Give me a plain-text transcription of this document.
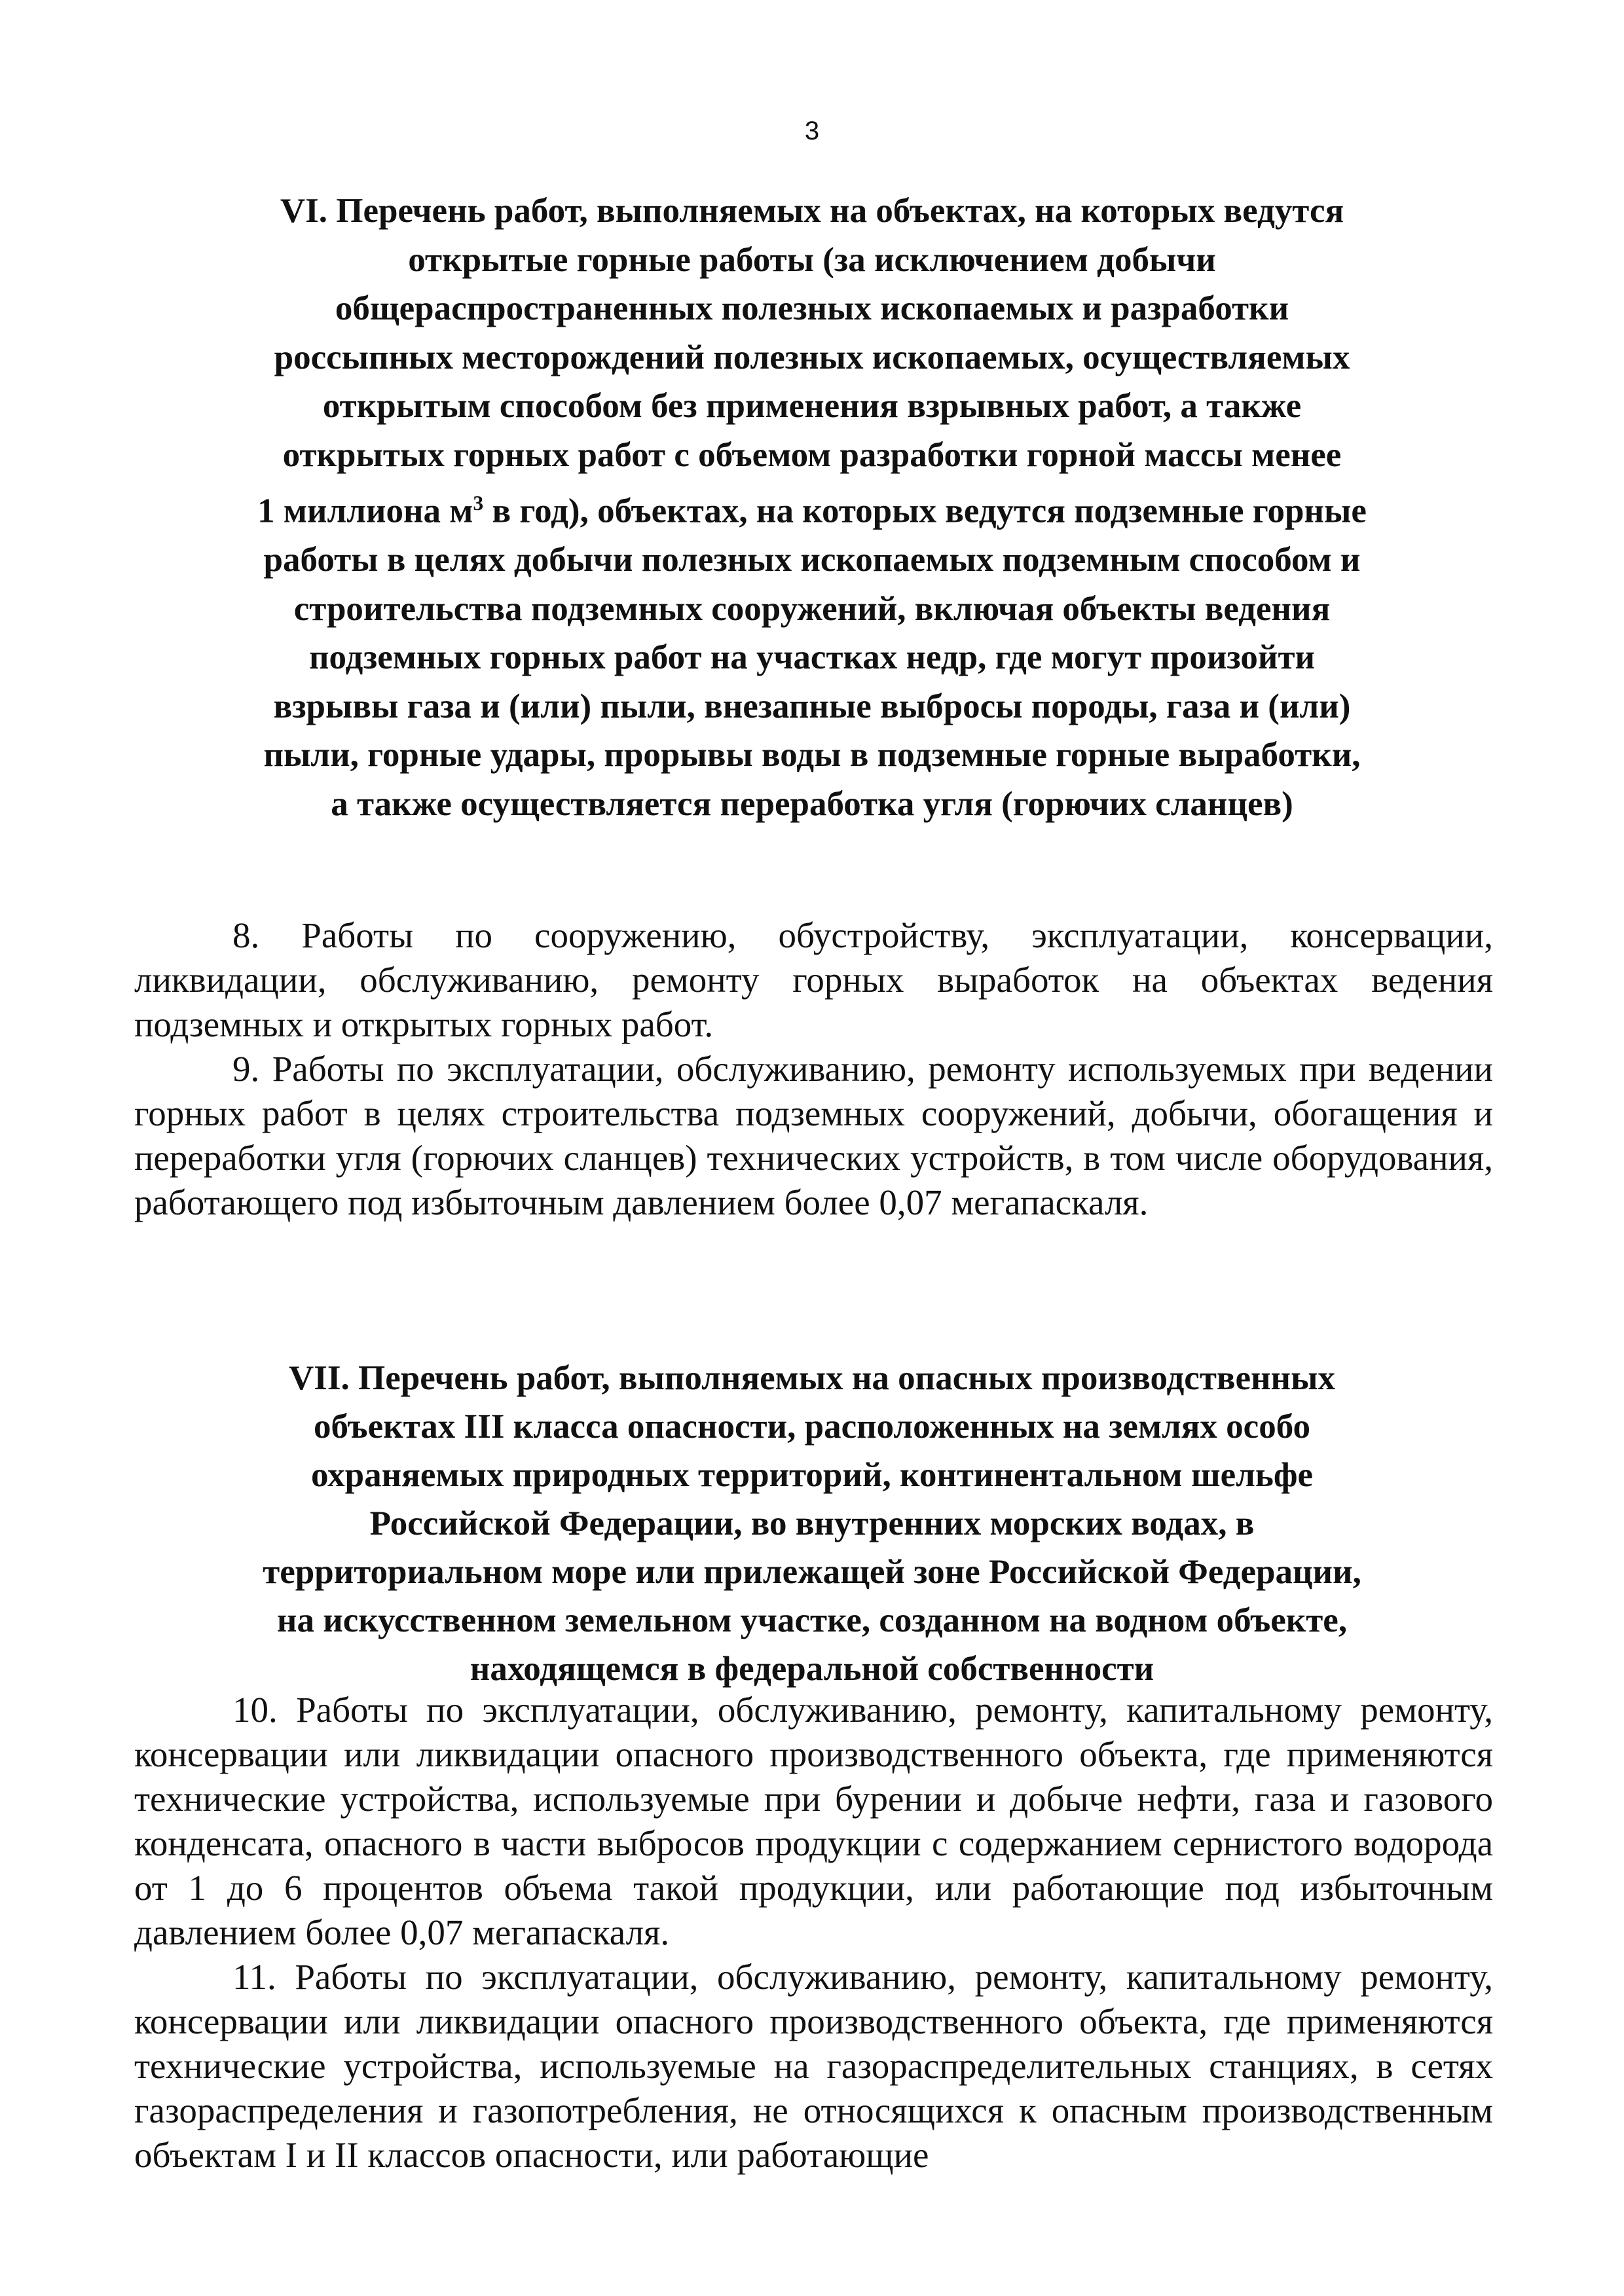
3
VI. Перечень работ, выполняемых на объектах, на которых ведутся
открытые горные работы (за исключением добычи
общераспространенных полезных ископаемых и разработки
россыпных месторождений полезных ископаемых, осуществляемых
открытым способом без применения взрывных работ, а также
открытых горных работ с объемом разработки горной массы менее
1 миллиона $м^3$ в год), объектах, на которых ведутся подземные горные
работы в целях добычи полезных ископаемых подземным способом и
строительства подземных сооружений, включая объекты ведения
подземных горных работ на участках недр, где могут произойти
взрывы газа и (или) пыли, внезапные выбросы породы, газа и (или)
пыли, горные удары, прорывы воды в подземные горные выработки,
а также осуществляется переработка угля (горючих сланцев)

8. Работы по сооружению, обустройству, эксплуатации, консервации, ликвидации, обслуживанию, ремонту горных выработок на объектах ведения подземных и открытых горных работ.

9. Работы по эксплуатации, обслуживанию, ремонту используемых при ведении горных работ в целях строительства подземных сооружений, добычи, обогащения и переработки угля (горючих сланцев) технических устройств, в том числе оборудования, работающего под избыточным давлением более 0,07 мегапаскаля.

VII. Перечень работ, выполняемых на опасных производственных
объектах III класса опасности, расположенных на землях особо
охраняемых природных территорий, континентальном шельфе
Российской Федерации, во внутренних морских водах, в
территориальном море или прилежащей зоне Российской Федерации,
на искусственном земельном участке, созданном на водном объекте,
находящемся в федеральной собственности

10. Работы по эксплуатации, обслуживанию, ремонту, капитальному ремонту, консервации или ликвидации опасного производственного объекта, где применяются технические устройства, используемые при бурении и добыче нефти, газа и газового конденсата, опасного в части выбросов продукции с содержанием сернистого водорода от 1 до 6 процентов объема такой продукции, или работающие под избыточным давлением более 0,07 мегапаскаля.

11. Работы по эксплуатации, обслуживанию, ремонту, капитальному ремонту, консервации или ликвидации опасного производственного объекта, где применяются технические устройства, используемые на газораспределительных станциях, в сетях газораспределения и газопотребления, не относящихся к опасным производственным объектам I и II классов опасности, или работающие
